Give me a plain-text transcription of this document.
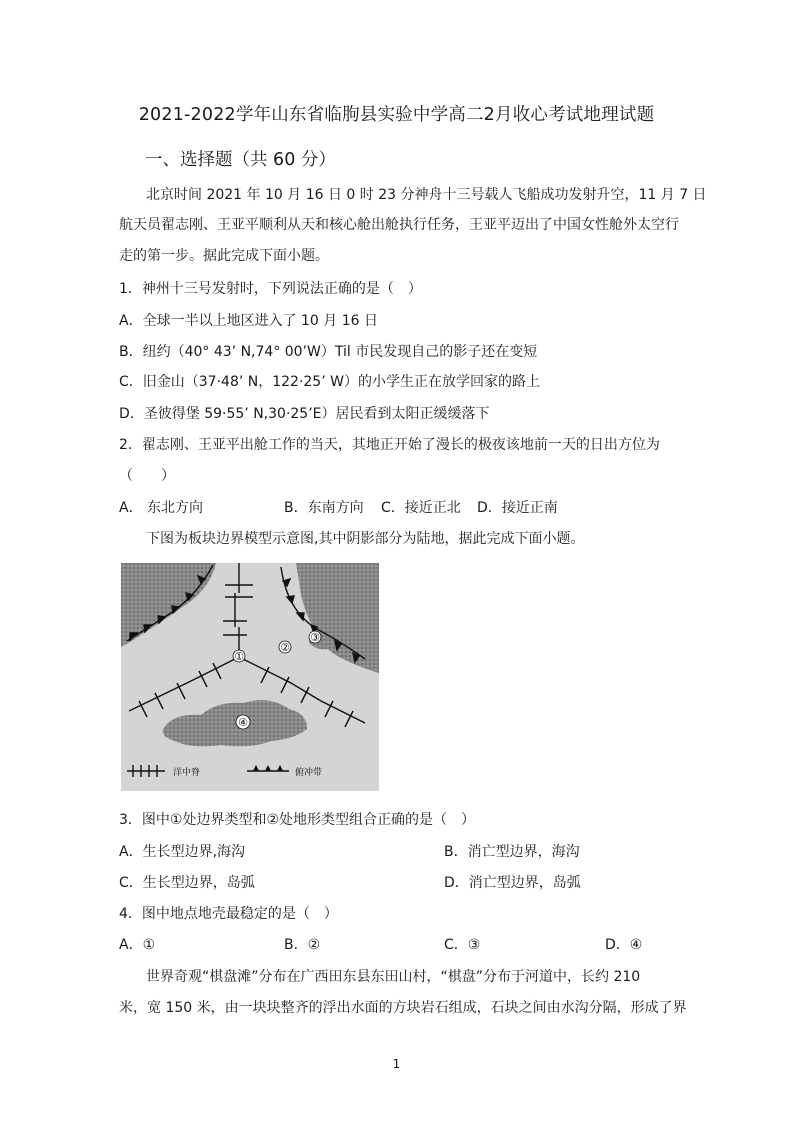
2021-2022学年山东省临朐县实验中学高二2月收心考试地理试题
一、选择题（共 60 分）
北京时间 2021 年 10 月 16 日 0 时 23 分神舟十三号载人飞船成功发射升空，11 月 7 日
航天员翟志刚、王亚平顺利从天和核心舱出舱执行任务，王亚平迈出了中国女性舱外太空行
走的第一步。据此完成下面小题。
1．神州十三号发射时，下列说法正确的是（　）
A．全球一半以上地区进入了 10 月 16 日
B．纽约（40° 43’ N,74° 00’W）Til 市民发现自己的影子还在变短
C．旧金山（37·48’ N，122·25’ W）的小学生正在放学回家的路上
D．圣彼得堡 59·55’ N,30·25’E）居民看到太阳正缓缓落下
2．翟志刚、王亚平出舱工作的当天，其地正开始了漫长的极夜该地前一天的日出方位为
（　　）
A． 东北方向	B．东南方向 C．接近正北 D．接近正南
下图为板块边界模型示意图,其中阴影部分为陆地，据此完成下面小题。
①
②
③
④
洋中脊	俯冲带
3．图中①处边界类型和②处地形类型组合正确的是（　）
A．生长型边界,海沟	B．消亡型边界，海沟
C．生长型边界，岛弧	D．消亡型边界，岛弧
4．图中地点地壳最稳定的是（　）
A．①	B．②	C．③	D．④
世界奇观“棋盘滩”分布在广西田东县东田山村，“棋盘”分布于河道中，长约 210
米，宽 150 米，由一块块整齐的浮出水面的方块岩石组成，石块之间由水沟分隔，形成了界
1
